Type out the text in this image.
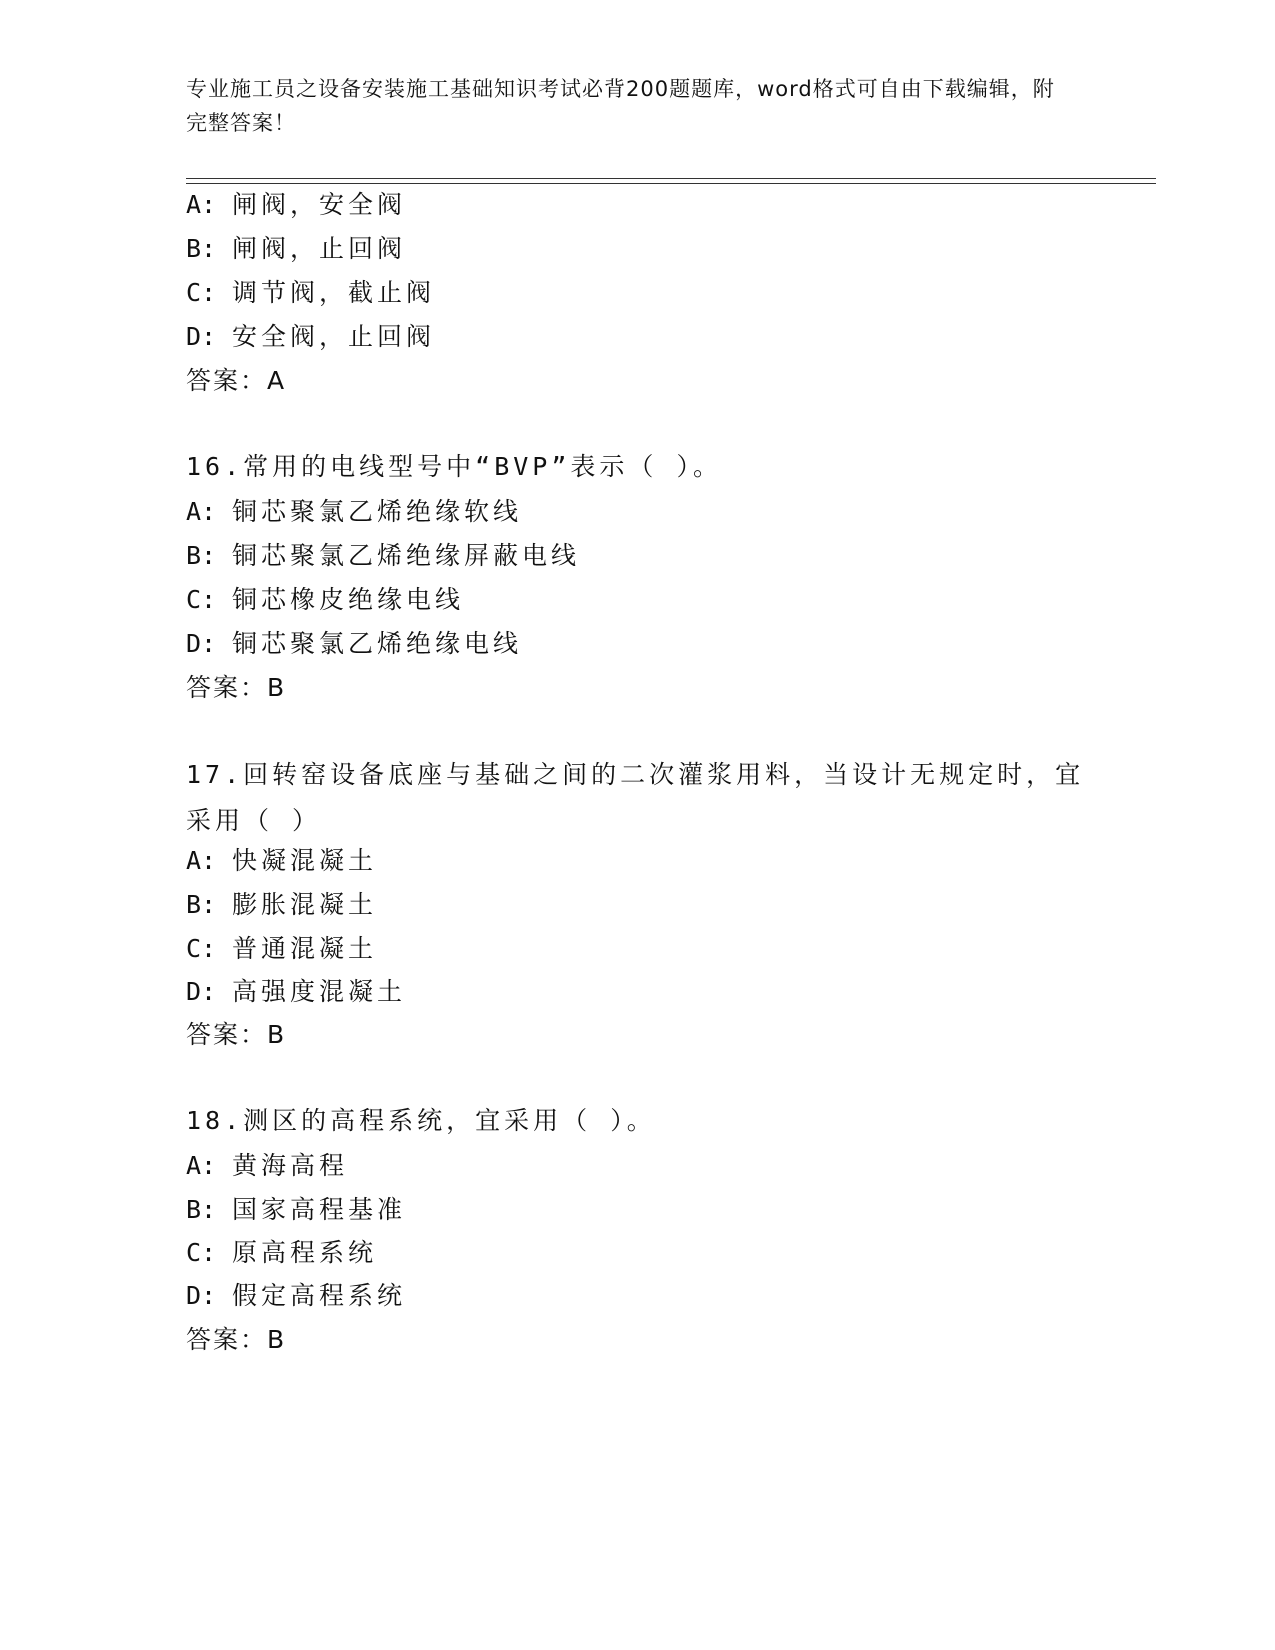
专业施工员之设备安装施工基础知识考试必背200题题库，word格式可自由下载编辑，附完整答案！

A: 闸阀，安全阀

B: 闸阀，止回阀

C: 调节阀，截止阀

D: 安全阀，止回阀

答案：A

16.常用的电线型号中“BVP”表示（ ）。

A: 铜芯聚氯乙烯绝缘软线

B: 铜芯聚氯乙烯绝缘屏蔽电线

C: 铜芯橡皮绝缘电线

D: 铜芯聚氯乙烯绝缘电线

答案：B

17.回转窑设备底座与基础之间的二次灌浆用料，当设计无规定时，宜采用（ ）

A: 快凝混凝土

B: 膨胀混凝土

C: 普通混凝土

D: 高强度混凝土

答案：B

18.测区的高程系统，宜采用（ ）。

A: 黄海高程

B: 国家高程基准

C: 原高程系统

D: 假定高程系统

答案：B
